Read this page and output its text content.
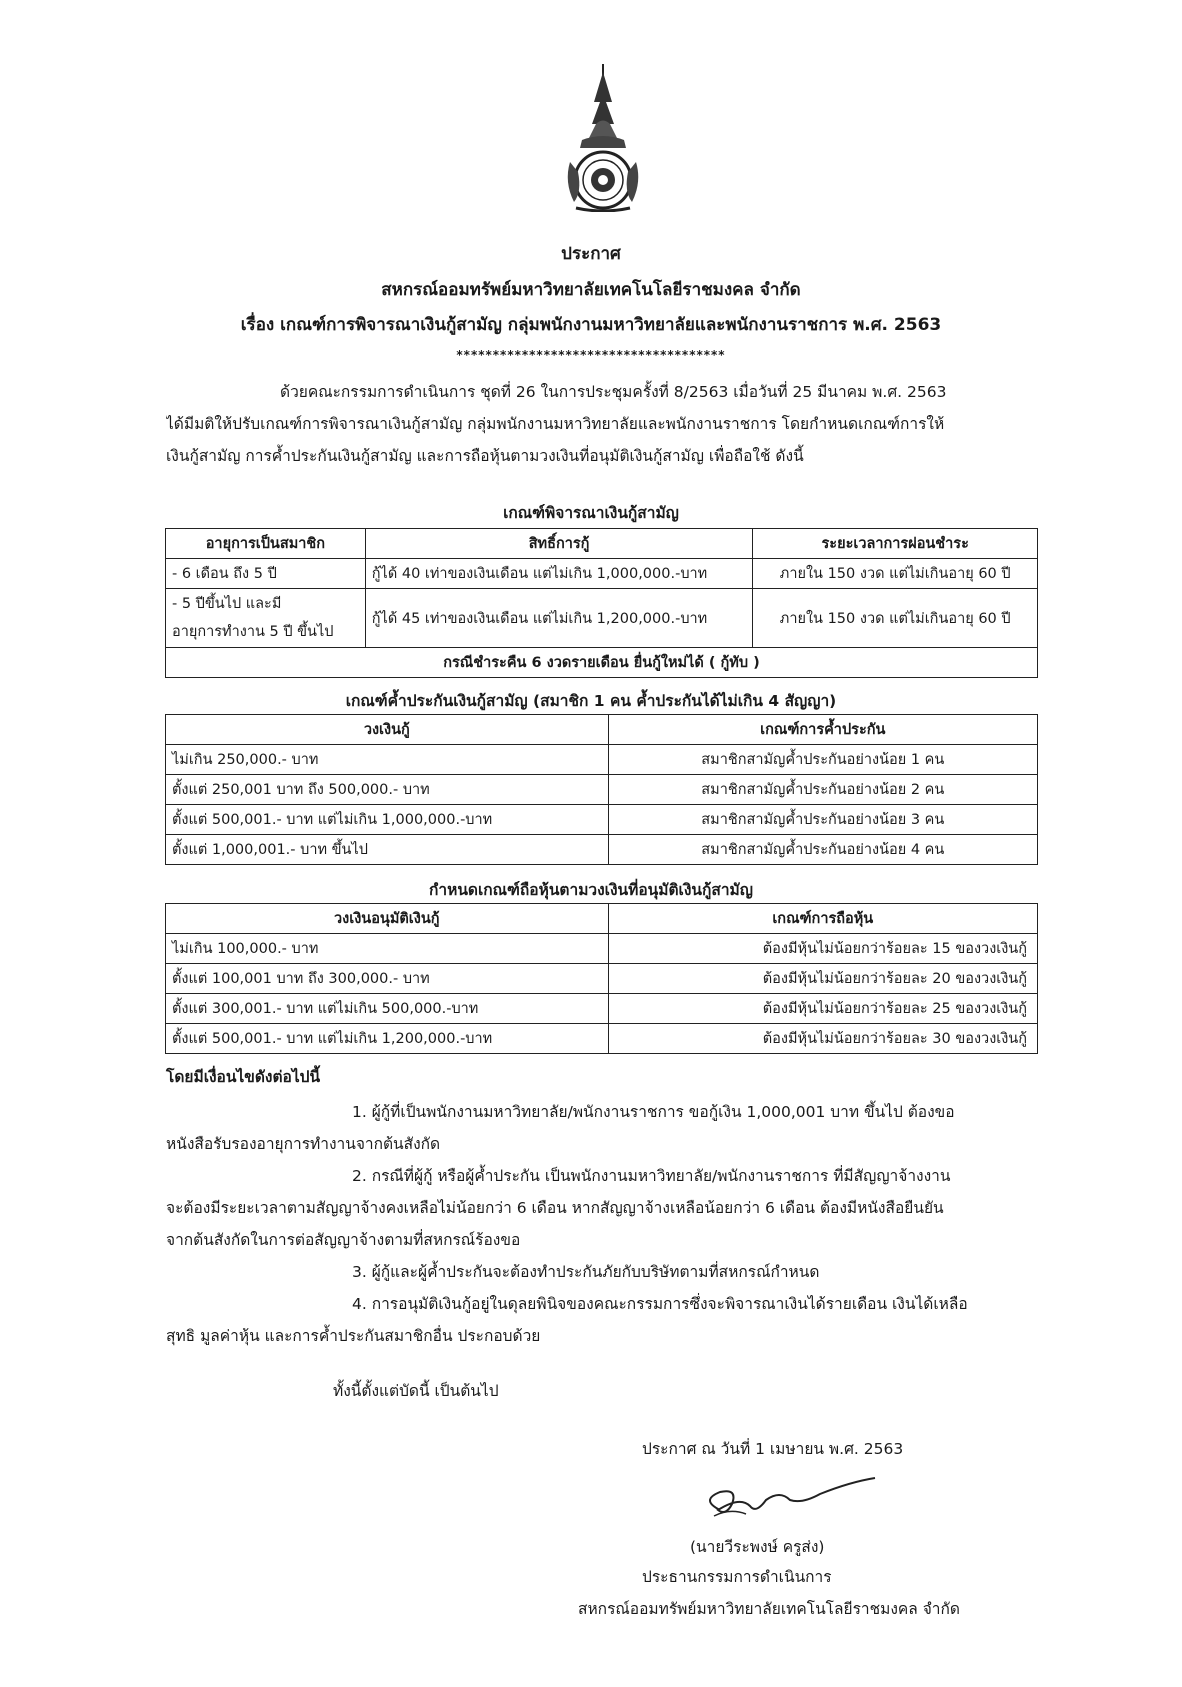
ประกาศ
สหกรณ์ออมทรัพย์มหาวิทยาลัยเทคโนโลยีราชมงคล จำกัด
เรื่อง เกณฑ์การพิจารณาเงินกู้สามัญ กลุ่มพนักงานมหาวิทยาลัยและพนักงานราชการ พ.ศ. 2563
*************************************
ด้วยคณะกรรมการดำเนินการ ชุดที่ 26 ในการประชุมครั้งที่ 8/2563 เมื่อวันที่ 25 มีนาคม พ.ศ. 2563
ได้มีมติให้ปรับเกณฑ์การพิจารณาเงินกู้สามัญ กลุ่มพนักงานมหาวิทยาลัยและพนักงานราชการ โดยกำหนดเกณฑ์การให้
เงินกู้สามัญ การค้ำประกันเงินกู้สามัญ และการถือหุ้นตามวงเงินที่อนุมัติเงินกู้สามัญ เพื่อถือใช้ ดังนี้
เกณฑ์พิจารณาเงินกู้สามัญ
อายุการเป็นสมาชิก	สิทธิ์การกู้	ระยะเวลาการผ่อนชำระ
- 6 เดือน ถึง 5 ปี	กู้ได้ 40 เท่าของเงินเดือน แต่ไม่เกิน 1,000,000.-บาท	ภายใน 150 งวด แต่ไม่เกินอายุ 60 ปี

- 5 ปีขึ้นไป และมี
อายุการทำงาน 5 ปี ขึ้นไป	กู้ได้ 45 เท่าของเงินเดือน แต่ไม่เกิน 1,200,000.-บาท	ภายใน 150 งวด แต่ไม่เกินอายุ 60 ปี
กรณีชำระคืน 6 งวดรายเดือน ยื่นกู้ใหม่ได้ ( กู้ทับ )		
เกณฑ์ค้ำประกันเงินกู้สามัญ (สมาชิก 1 คน ค้ำประกันได้ไม่เกิน 4 สัญญา)
วงเงินกู้	เกณฑ์การค้ำประกัน
ไม่เกิน 250,000.- บาท	สมาชิกสามัญค้ำประกันอย่างน้อย 1 คน
ตั้งแต่ 250,001 บาท ถึง 500,000.- บาท	สมาชิกสามัญค้ำประกันอย่างน้อย 2 คน
ตั้งแต่ 500,001.- บาท แต่ไม่เกิน 1,000,000.-บาท	สมาชิกสามัญค้ำประกันอย่างน้อย 3 คน
ตั้งแต่ 1,000,001.- บาท ขึ้นไป	สมาชิกสามัญค้ำประกันอย่างน้อย 4 คน
กำหนดเกณฑ์ถือหุ้นตามวงเงินที่อนุมัติเงินกู้สามัญ
วงเงินอนุมัติเงินกู้	เกณฑ์การถือหุ้น
ไม่เกิน 100,000.- บาท	ต้องมีหุ้นไม่น้อยกว่าร้อยละ 15 ของวงเงินกู้
ตั้งแต่ 100,001 บาท ถึง 300,000.- บาท	ต้องมีหุ้นไม่น้อยกว่าร้อยละ 20 ของวงเงินกู้
ตั้งแต่ 300,001.- บาท แต่ไม่เกิน 500,000.-บาท	ต้องมีหุ้นไม่น้อยกว่าร้อยละ 25 ของวงเงินกู้
ตั้งแต่ 500,001.- บาท แต่ไม่เกิน 1,200,000.-บาท	ต้องมีหุ้นไม่น้อยกว่าร้อยละ 30 ของวงเงินกู้
โดยมีเงื่อนไขดังต่อไปนี้
1. ผู้กู้ที่เป็นพนักงานมหาวิทยาลัย/พนักงานราชการ ขอกู้เงิน 1,000,001 บาท ขึ้นไป ต้องขอ
หนังสือรับรองอายุการทำงานจากต้นสังกัด
2. กรณีที่ผู้กู้ หรือผู้ค้ำประกัน เป็นพนักงานมหาวิทยาลัย/พนักงานราชการ ที่มีสัญญาจ้างงาน
จะต้องมีระยะเวลาตามสัญญาจ้างคงเหลือไม่น้อยกว่า 6 เดือน หากสัญญาจ้างเหลือน้อยกว่า 6 เดือน ต้องมีหนังสือยืนยัน
จากต้นสังกัดในการต่อสัญญาจ้างตามที่สหกรณ์ร้องขอ
3. ผู้กู้และผู้ค้ำประกันจะต้องทำประกันภัยกับบริษัทตามที่สหกรณ์กำหนด
4. การอนุมัติเงินกู้อยู่ในดุลยพินิจของคณะกรรมการซึ่งจะพิจารณาเงินได้รายเดือน เงินได้เหลือ
สุทธิ มูลค่าหุ้น และการค้ำประกันสมาชิกอื่น ประกอบด้วย
ทั้งนี้ตั้งแต่บัดนี้ เป็นต้นไป
ประกาศ ณ วันที่ 1 เมษายน พ.ศ. 2563
(นายวีระพงษ์ ครูส่ง)
ประธานกรรมการดำเนินการ
สหกรณ์ออมทรัพย์มหาวิทยาลัยเทคโนโลยีราชมงคล จำกัด
